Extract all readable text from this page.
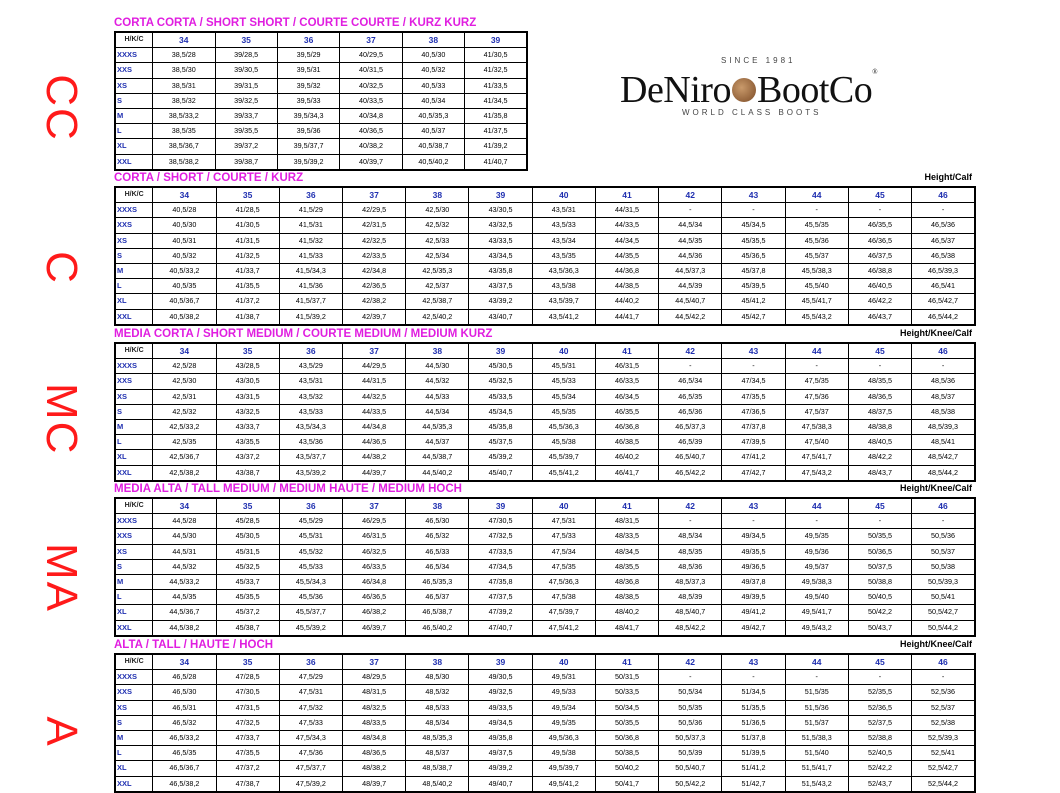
CC
C
MC
MA
A
SINCE 1981
DeNiro BootCo®
WORLD CLASS BOOTS
CORTA CORTA / SHORT SHORT / COURTE COURTE / KURZ KURZ
H/K/C	34	35	36	37	38	39
XXXS	38,5/28	39/28,5	39,5/29	40/29,5	40,5/30	41/30,5
XXS	38,5/30	39/30,5	39,5/31	40/31,5	40,5/32	41/32,5
XS	38,5/31	39/31,5	39,5/32	40/32,5	40,5/33	41/33,5
S	38,5/32	39/32,5	39,5/33	40/33,5	40,5/34	41/34,5
M	38,5/33,2	39/33,7	39,5/34,3	40/34,8	40,5/35,3	41/35,8
L	38,5/35	39/35,5	39,5/36	40/36,5	40,5/37	41/37,5
XL	38,5/36,7	39/37,2	39,5/37,7	40/38,2	40,5/38,7	41/39,2
XXL	38,5/38,2	39/38,7	39,5/39,2	40/39,7	40,5/40,2	41/40,7
CORTA / SHORT / COURTE / KURZ	Height/Calf
H/K/C	34	35	36	37	38	39	40	41	42	43	44	45	46
XXXS	40,5/28	41/28,5	41,5/29	42/29,5	42,5/30	43/30,5	43,5/31	44/31,5	-	-	-	-	-
XXS	40,5/30	41/30,5	41,5/31	42/31,5	42,5/32	43/32,5	43,5/33	44/33,5	44,5/34	45/34,5	45,5/35	46/35,5	46,5/36
XS	40,5/31	41/31,5	41,5/32	42/32,5	42,5/33	43/33,5	43,5/34	44/34,5	44,5/35	45/35,5	45,5/36	46/36,5	46,5/37
S	40,5/32	41/32,5	41,5/33	42/33,5	42,5/34	43/34,5	43,5/35	44/35,5	44,5/36	45/36,5	45,5/37	46/37,5	46,5/38
M	40,5/33,2	41/33,7	41,5/34,3	42/34,8	42,5/35,3	43/35,8	43,5/36,3	44/36,8	44,5/37,3	45/37,8	45,5/38,3	46/38,8	46,5/39,3
L	40,5/35	41/35,5	41,5/36	42/36,5	42,5/37	43/37,5	43,5/38	44/38,5	44,5/39	45/39,5	45,5/40	46/40,5	46,5/41
XL	40,5/36,7	41/37,2	41,5/37,7	42/38,2	42,5/38,7	43/39,2	43,5/39,7	44/40,2	44,5/40,7	45/41,2	45,5/41,7	46/42,2	46,5/42,7
XXL	40,5/38,2	41/38,7	41,5/39,2	42/39,7	42,5/40,2	43/40,7	43,5/41,2	44/41,7	44,5/42,2	45/42,7	45,5/43,2	46/43,7	46,5/44,2
MEDIA CORTA / SHORT MEDIUM / COURTE MEDIUM / MEDIUM KURZ	Height/Knee/Calf
H/K/C	34	35	36	37	38	39	40	41	42	43	44	45	46
XXXS	42,5/28	43/28,5	43,5/29	44/29,5	44,5/30	45/30,5	45,5/31	46/31,5	-	-	-	-	-
XXS	42,5/30	43/30,5	43,5/31	44/31,5	44,5/32	45/32,5	45,5/33	46/33,5	46,5/34	47/34,5	47,5/35	48/35,5	48,5/36
XS	42,5/31	43/31,5	43,5/32	44/32,5	44,5/33	45/33,5	45,5/34	46/34,5	46,5/35	47/35,5	47,5/36	48/36,5	48,5/37
S	42,5/32	43/32,5	43,5/33	44/33,5	44,5/34	45/34,5	45,5/35	46/35,5	46,5/36	47/36,5	47,5/37	48/37,5	48,5/38
M	42,5/33,2	43/33,7	43,5/34,3	44/34,8	44,5/35,3	45/35,8	45,5/36,3	46/36,8	46,5/37,3	47/37,8	47,5/38,3	48/38,8	48,5/39,3
L	42,5/35	43/35,5	43,5/36	44/36,5	44,5/37	45/37,5	45,5/38	46/38,5	46,5/39	47/39,5	47,5/40	48/40,5	48,5/41
XL	42,5/36,7	43/37,2	43,5/37,7	44/38,2	44,5/38,7	45/39,2	45,5/39,7	46/40,2	46,5/40,7	47/41,2	47,5/41,7	48/42,2	48,5/42,7
XXL	42,5/38,2	43/38,7	43,5/39,2	44/39,7	44,5/40,2	45/40,7	45,5/41,2	46/41,7	46,5/42,2	47/42,7	47,5/43,2	48/43,7	48,5/44,2
MEDIA ALTA / TALL MEDIUM / MEDIUM HAUTE / MEDIUM HOCH	Height/Knee/Calf
H/K/C	34	35	36	37	38	39	40	41	42	43	44	45	46
XXXS	44,5/28	45/28,5	45,5/29	46/29,5	46,5/30	47/30,5	47,5/31	48/31,5	-	-	-	-	-
XXS	44,5/30	45/30,5	45,5/31	46/31,5	46,5/32	47/32,5	47,5/33	48/33,5	48,5/34	49/34,5	49,5/35	50/35,5	50,5/36
XS	44,5/31	45/31,5	45,5/32	46/32,5	46,5/33	47/33,5	47,5/34	48/34,5	48,5/35	49/35,5	49,5/36	50/36,5	50,5/37
S	44,5/32	45/32,5	45,5/33	46/33,5	46,5/34	47/34,5	47,5/35	48/35,5	48,5/36	49/36,5	49,5/37	50/37,5	50,5/38
M	44,5/33,2	45/33,7	45,5/34,3	46/34,8	46,5/35,3	47/35,8	47,5/36,3	48/36,8	48,5/37,3	49/37,8	49,5/38,3	50/38,8	50,5/39,3
L	44,5/35	45/35,5	45,5/36	46/36,5	46,5/37	47/37,5	47,5/38	48/38,5	48,5/39	49/39,5	49,5/40	50/40,5	50,5/41
XL	44,5/36,7	45/37,2	45,5/37,7	46/38,2	46,5/38,7	47/39,2	47,5/39,7	48/40,2	48,5/40,7	49/41,2	49,5/41,7	50/42,2	50,5/42,7
XXL	44,5/38,2	45/38,7	45,5/39,2	46/39,7	46,5/40,2	47/40,7	47,5/41,2	48/41,7	48,5/42,2	49/42,7	49,5/43,2	50/43,7	50,5/44,2
ALTA / TALL / HAUTE / HOCH	Height/Knee/Calf
H/K/C	34	35	36	37	38	39	40	41	42	43	44	45	46
XXXS	46,5/28	47/28,5	47,5/29	48/29,5	48,5/30	49/30,5	49,5/31	50/31,5	-	-	-	-	-
XXS	46,5/30	47/30,5	47,5/31	48/31,5	48,5/32	49/32,5	49,5/33	50/33,5	50,5/34	51/34,5	51,5/35	52/35,5	52,5/36
XS	46,5/31	47/31,5	47,5/32	48/32,5	48,5/33	49/33,5	49,5/34	50/34,5	50,5/35	51/35,5	51,5/36	52/36,5	52,5/37
S	46,5/32	47/32,5	47,5/33	48/33,5	48,5/34	49/34,5	49,5/35	50/35,5	50,5/36	51/36,5	51,5/37	52/37,5	52,5/38
M	46,5/33,2	47/33,7	47,5/34,3	48/34,8	48,5/35,3	49/35,8	49,5/36,3	50/36,8	50,5/37,3	51/37,8	51,5/38,3	52/38,8	52,5/39,3
L	46,5/35	47/35,5	47,5/36	48/36,5	48,5/37	49/37,5	49,5/38	50/38,5	50,5/39	51/39,5	51,5/40	52/40,5	52,5/41
XL	46,5/36,7	47/37,2	47,5/37,7	48/38,2	48,5/38,7	49/39,2	49,5/39,7	50/40,2	50,5/40,7	51/41,2	51,5/41,7	52/42,2	52,5/42,7
XXL	46,5/38,2	47/38,7	47,5/39,2	48/39,7	48,5/40,2	49/40,7	49,5/41,2	50/41,7	50,5/42,2	51/42,7	51,5/43,2	52/43,7	52,5/44,2
